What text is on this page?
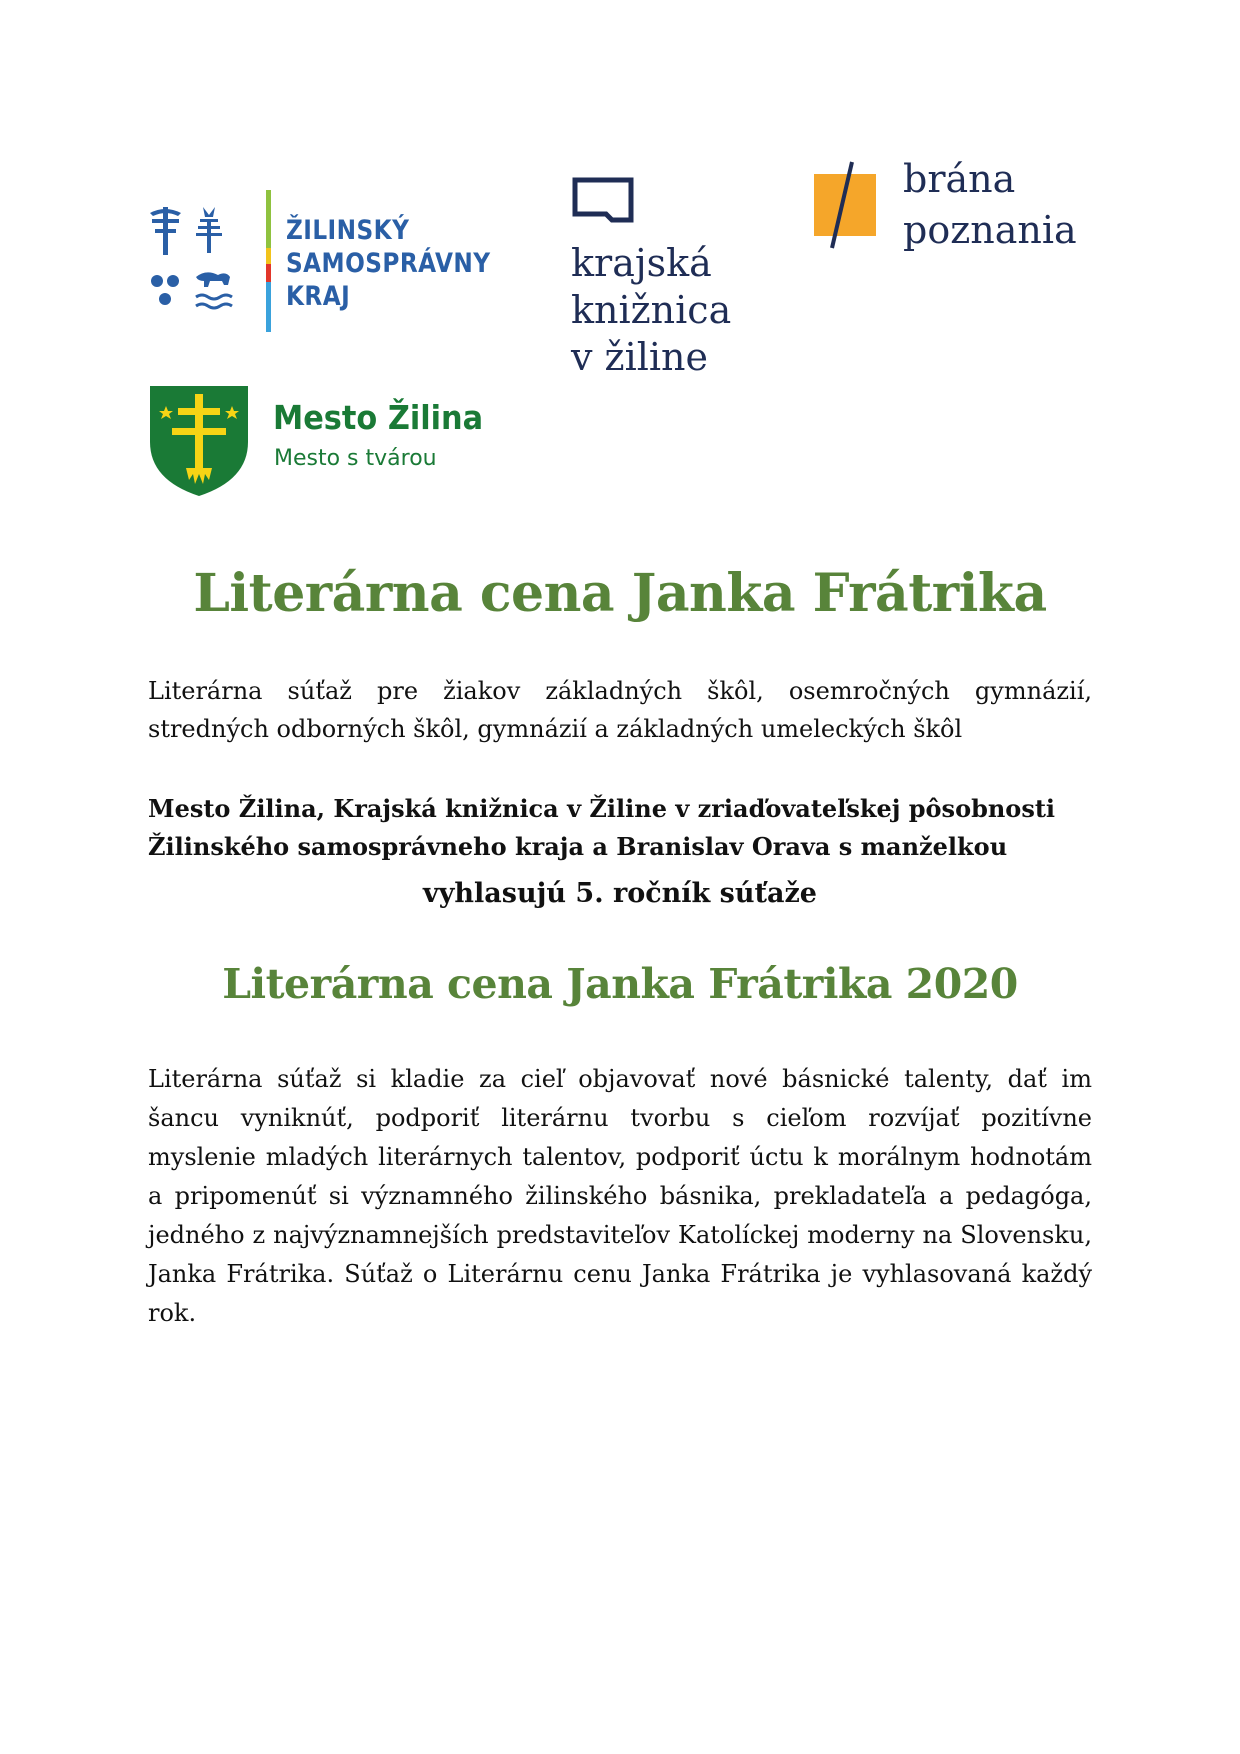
ŽILINSKÝ
SAMOSPRÁVNY
KRAJ
krajská
knižnica
v žiline
brána
poznania
Mesto Žilina
Mesto s tvárou
Literárna cena Janka Frátrika
Literárna súťaž pre žiakov základných škôl, osemročných gymnázií, stredných odborných škôl, gymnázií a základných umeleckých škôl
Mesto Žilina, Krajská knižnica v Žiline v zriaďovateľskej pôsobnosti Žilinského samosprávneho kraja a Branislav Orava s manželkou
vyhlasujú 5. ročník súťaže
Literárna cena Janka Frátrika 2020
Literárna súťaž si kladie za cieľ objavovať nové básnické talenty, dať im šancu vyniknúť, podporiť literárnu tvorbu s cieľom rozvíjať pozitívne myslenie mladých literárnych talentov, podporiť úctu k morálnym hodnotám a pripomenúť si významného žilinského básnika, prekladateľa a pedagóga, jedného z najvýznamnejších predstaviteľov Katolíckej moderny na Slovensku, Janka Frátrika. Súťaž o Literárnu cenu Janka Frátrika je vyhlasovaná každý rok.
